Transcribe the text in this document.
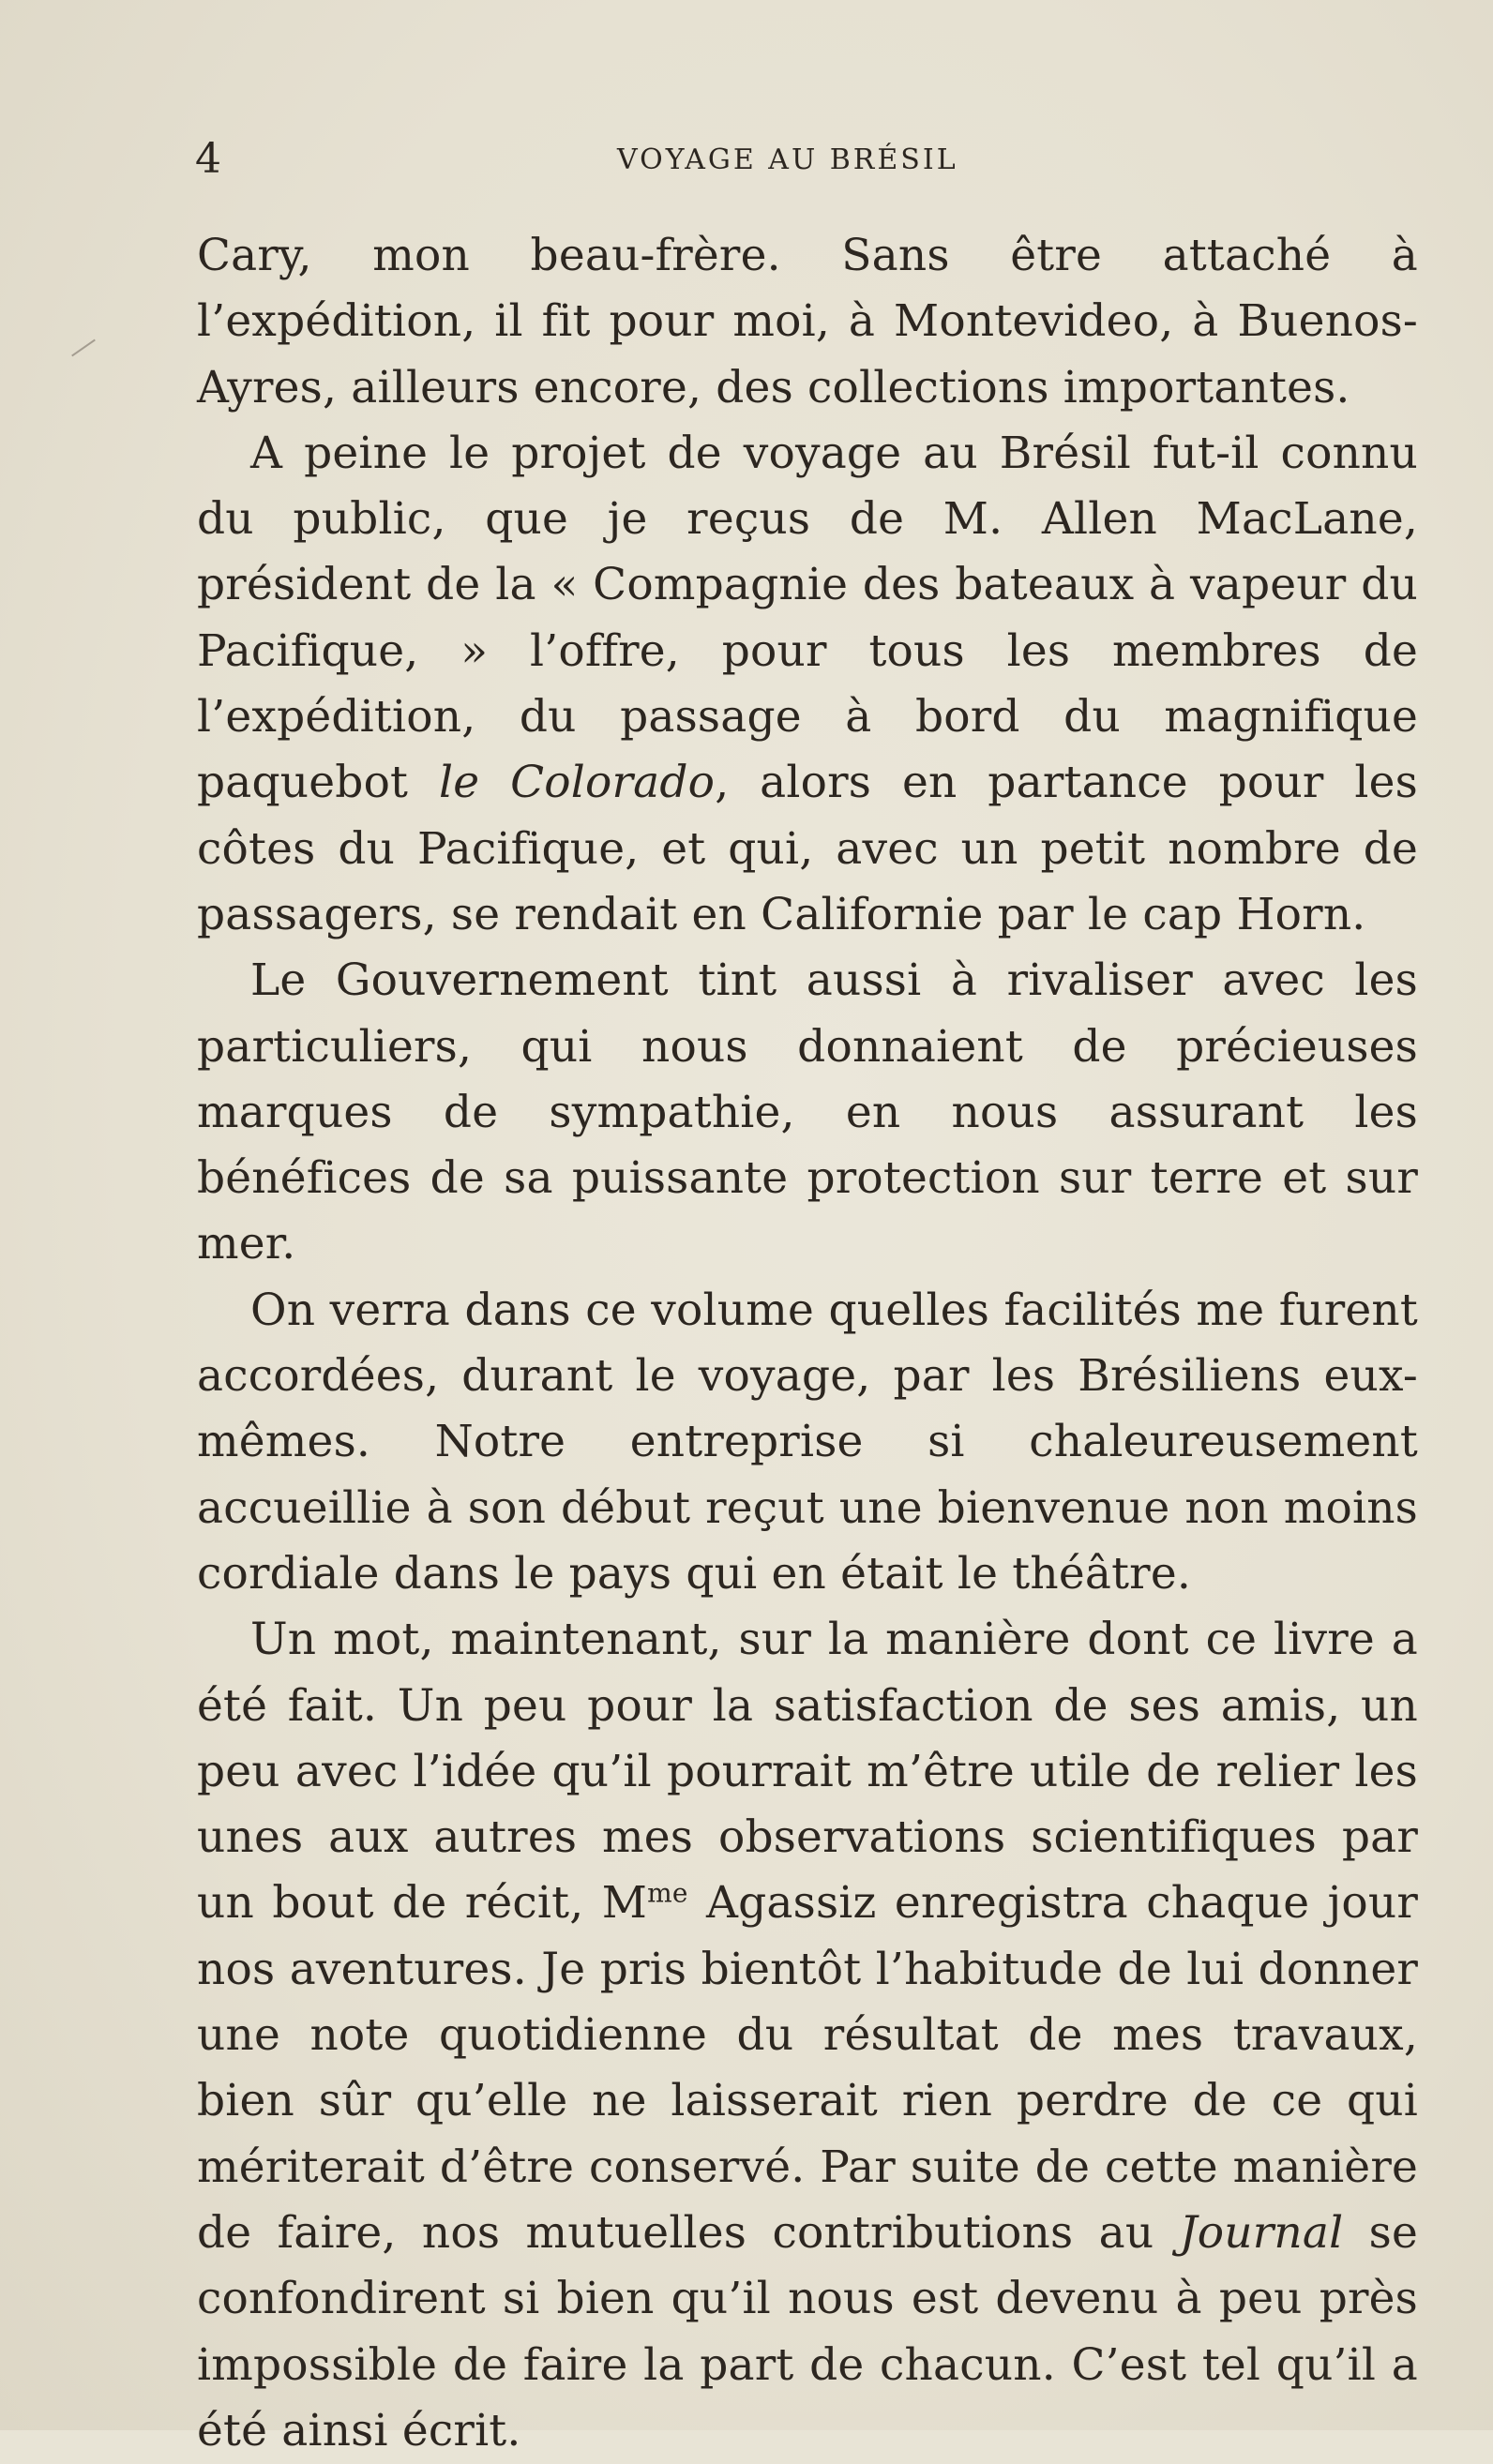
4	VOYAGE AU BRÉSIL

Cary, mon beau-frère. Sans être attaché à l’expédition, il fit pour moi, à Montevideo, à Buenos-Ayres, ailleurs encore, des collections importantes.

A peine le projet de voyage au Brésil fut-il connu du public, que je reçus de M. Allen MacLane, président de la « Compagnie des bateaux à vapeur du Pacifique, » l’offre, pour tous les membres de l’expédition, du passage à bord du magnifique paquebot le Colorado, alors en partance pour les côtes du Pacifique, et qui, avec un petit nombre de passagers, se rendait en Californie par le cap Horn.

Le Gouvernement tint aussi à rivaliser avec les particuliers, qui nous donnaient de précieuses marques de sympathie, en nous assurant les bénéfices de sa puissante protection sur terre et sur mer.

On verra dans ce volume quelles facilités me furent accordées, durant le voyage, par les Brésiliens eux-mêmes. Notre entreprise si chaleureusement accueillie à son début reçut une bienvenue non moins cordiale dans le pays qui en était le théâtre.

Un mot, maintenant, sur la manière dont ce livre a été fait. Un peu pour la satisfaction de ses amis, un peu avec l’idée qu’il pourrait m’être utile de relier les unes aux autres mes observations scientifiques par un bout de récit, $M^{me}$ Agassiz enregistra chaque jour nos aventures. Je pris bientôt l’habitude de lui donner une note quotidienne du résultat de mes travaux, bien sûr qu’elle ne laisserait rien perdre de ce qui mériterait d’être conservé. Par suite de cette manière de faire, nos mutuelles contributions au Journal se confondirent si bien qu’il nous est devenu à peu près impossible de faire la part de chacun. C’est tel qu’il a été ainsi écrit.
